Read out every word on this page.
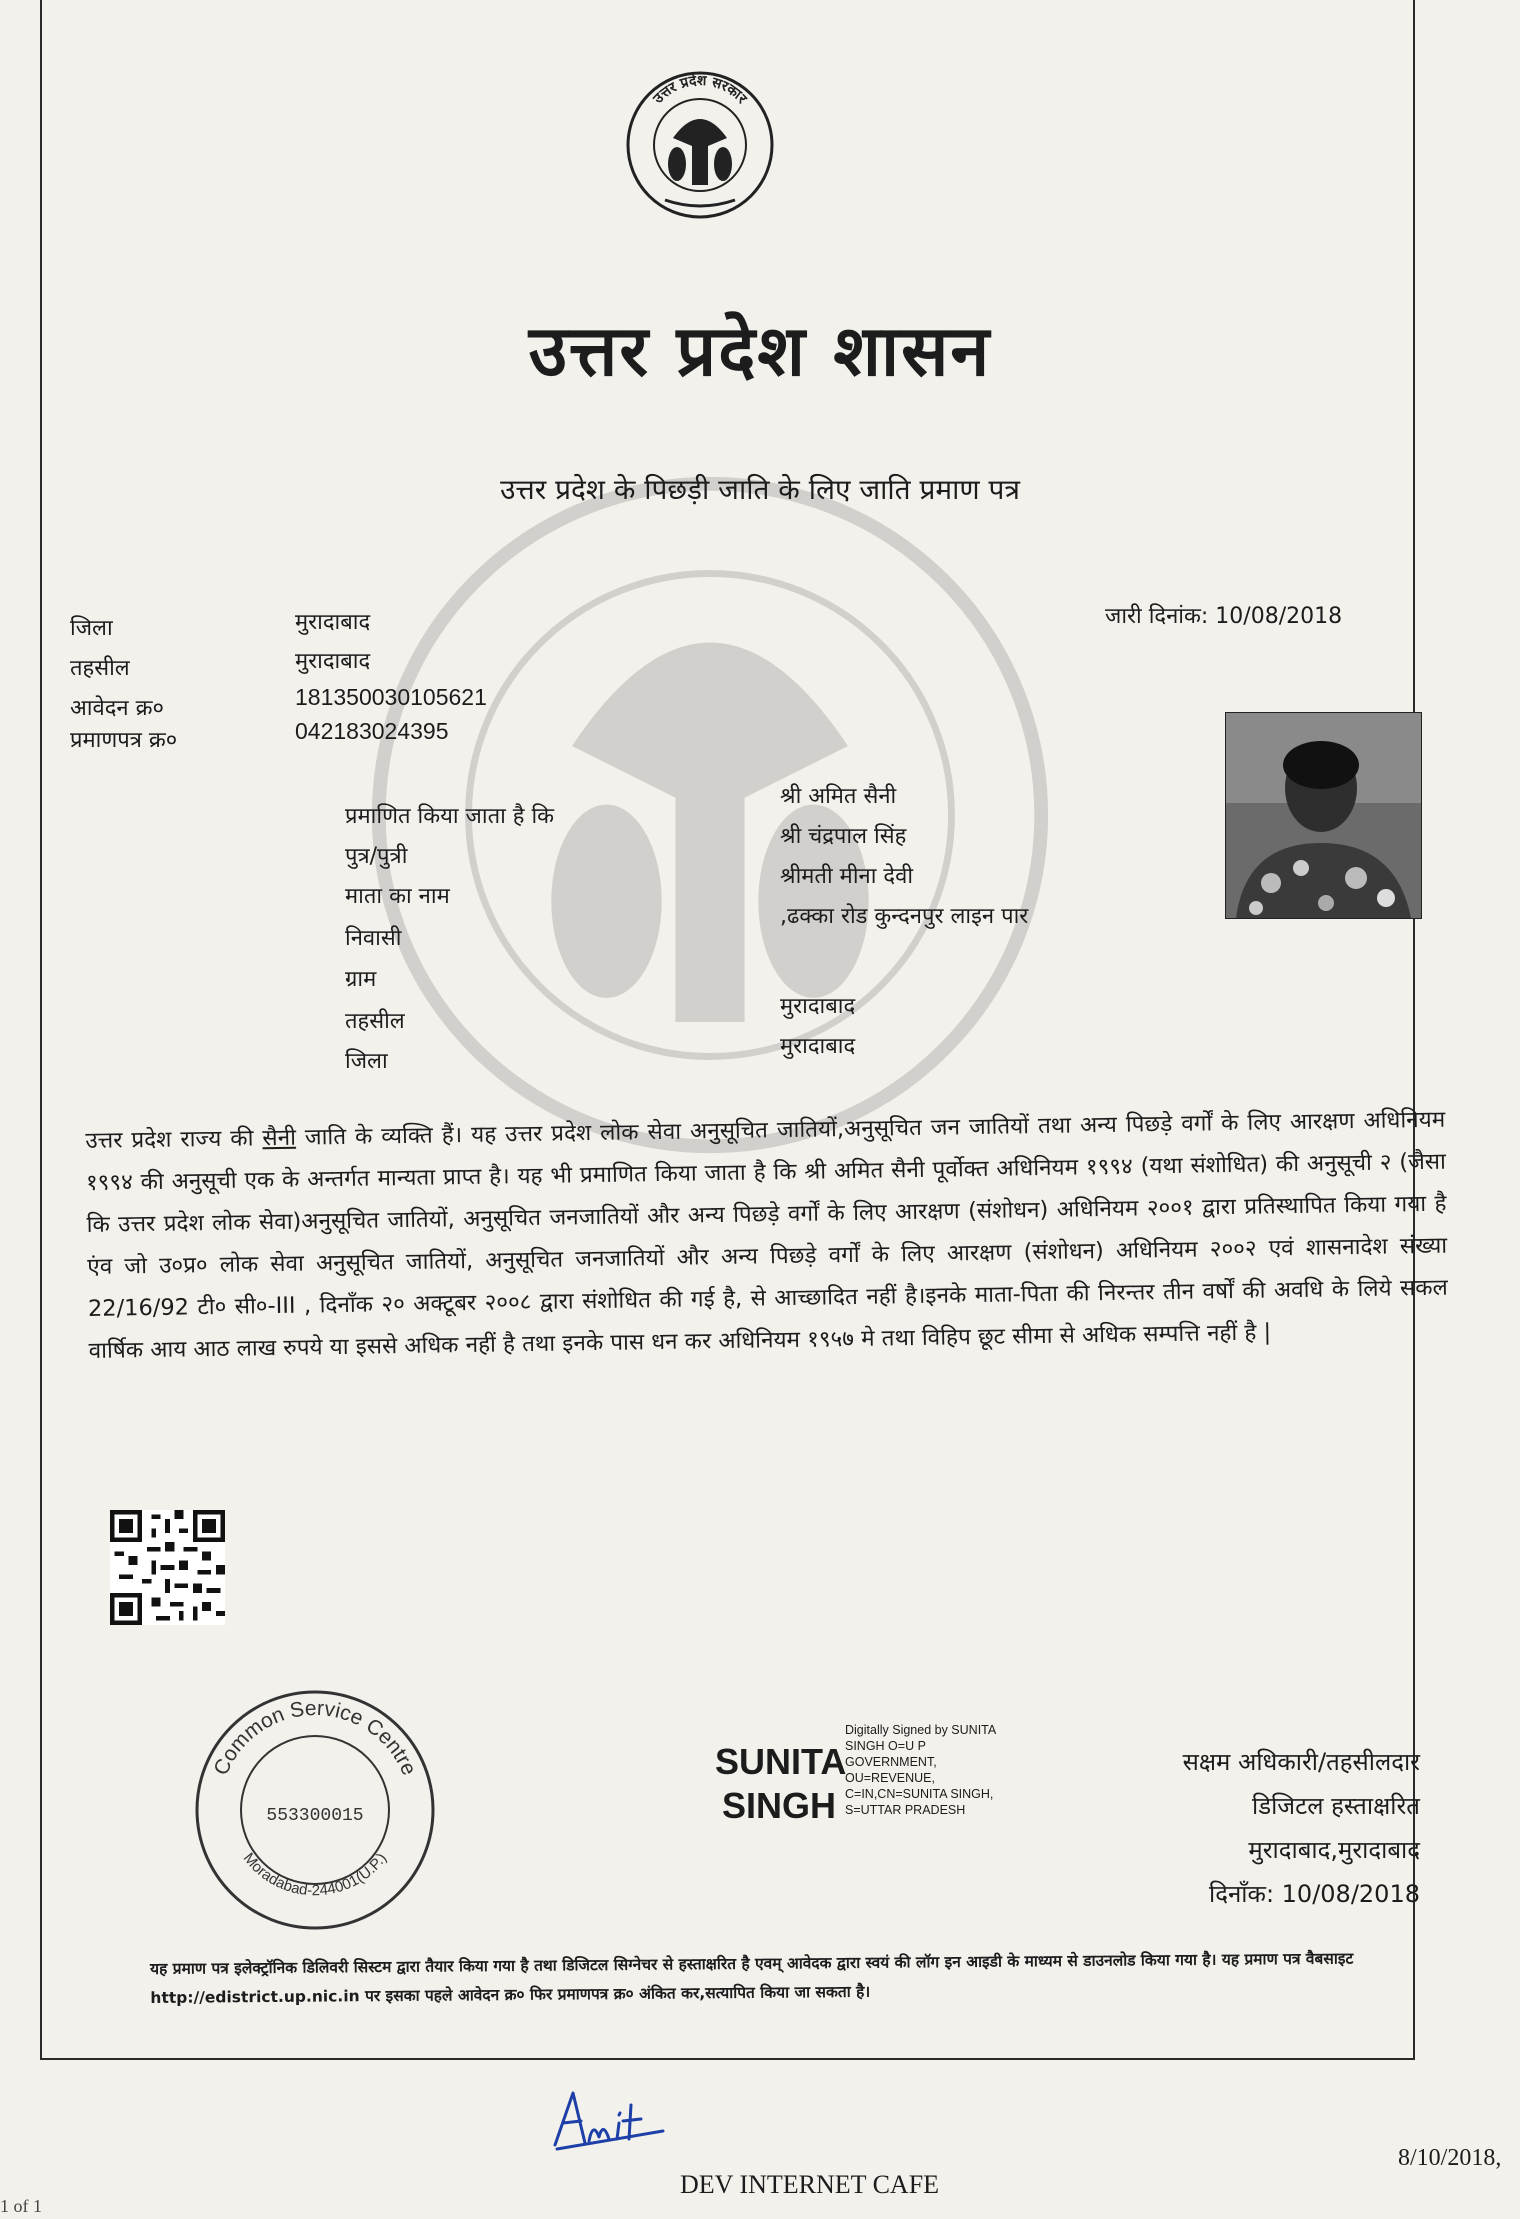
उत्तर प्रदेश सरकार
उत्तर प्रदेश शासन
उत्तर प्रदेश के पिछड़ी जाति के लिए जाति प्रमाण पत्र
जिला
तहसील
आवेदन क्र०
प्रमाणपत्र क्र०
मुरादाबाद
मुरादाबाद
181350030105621
042183024395
जारी दिनांक: 10/08/2018
प्रमाणित किया जाता है कि
पुत्र/पुत्री
माता का नाम
निवासी
ग्राम
तहसील
जिला
श्री अमित सैनी
श्री चंद्रपाल सिंह
श्रीमती मीना देवी
,ढक्का रोड कुन्दनपुर लाइन पार
मुरादाबाद
मुरादाबाद
उत्तर प्रदेश राज्य की सैनी जाति के व्यक्ति हैं। यह उत्तर प्रदेश लोक सेवा अनुसूचित जातियों,अनुसूचित जन जातियों तथा अन्य पिछड़े वर्गों के लिए आरक्षण अधिनियम १९९४ की अनुसूची एक के अन्तर्गत मान्यता प्राप्त है। यह भी प्रमाणित किया जाता है कि श्री अमित सैनी पूर्वोक्त अधिनियम १९९४ (यथा संशोधित) की अनुसूची २ (जैसा कि उत्तर प्रदेश लोक सेवा)अनुसूचित जातियों, अनुसूचित जनजातियों और अन्य पिछड़े वर्गों के लिए आरक्षण (संशोधन) अधिनियम २००१ द्वारा प्रतिस्थापित किया गया है एंव जो उ०प्र० लोक सेवा अनुसूचित जातियों, अनुसूचित जनजातियों और अन्य पिछड़े वर्गों के लिए आरक्षण (संशोधन) अधिनियम २००२ एवं शासनादेश संख्या 22/16/92 टी० सी०-III , दिनाँक २० अक्टूबर २००८ द्वारा संशोधित की गई है, से आच्छादित नहीं है।इनके माता-पिता की निरन्तर तीन वर्षों की अवधि के लिये सकल वार्षिक आय आठ लाख रुपये या इससे अधिक नहीं है तथा इनके पास धन कर अधिनियम १९५७ मे तथा विहिप छूट सीमा से अधिक सम्पत्ति नहीं है |
Common Service Centre
Moradabad-244001(U.P.)
553300015
SUNITA
SINGH
Digitally Signed by SUNITA
SINGH O=U P
GOVERNMENT,
OU=REVENUE,
C=IN,CN=SUNITA SINGH,
S=UTTAR PRADESH
सक्षम अधिकारी/तहसीलदार
डिजिटल हस्ताक्षरित
मुरादाबाद,मुरादाबाद
दिनाँक: 10/08/2018
यह प्रमाण पत्र इलेक्ट्रॉनिक डिलिवरी सिस्टम द्वारा तैयार किया गया है तथा डिजिटल सिग्नेचर से हस्ताक्षरित है एवम् आवेदक द्वारा स्वयं की लॉग इन आइडी के माध्यम से डाउनलोड किया गया है। यह प्रमाण पत्र वैबसाइट http://edistrict.up.nic.in पर इसका पहले आवेदन क्र० फिर प्रमाणपत्र क्र० अंकित कर,सत्यापित किया जा सकता है।
DEV INTERNET CAFE
8/10/2018,
1 of 1
